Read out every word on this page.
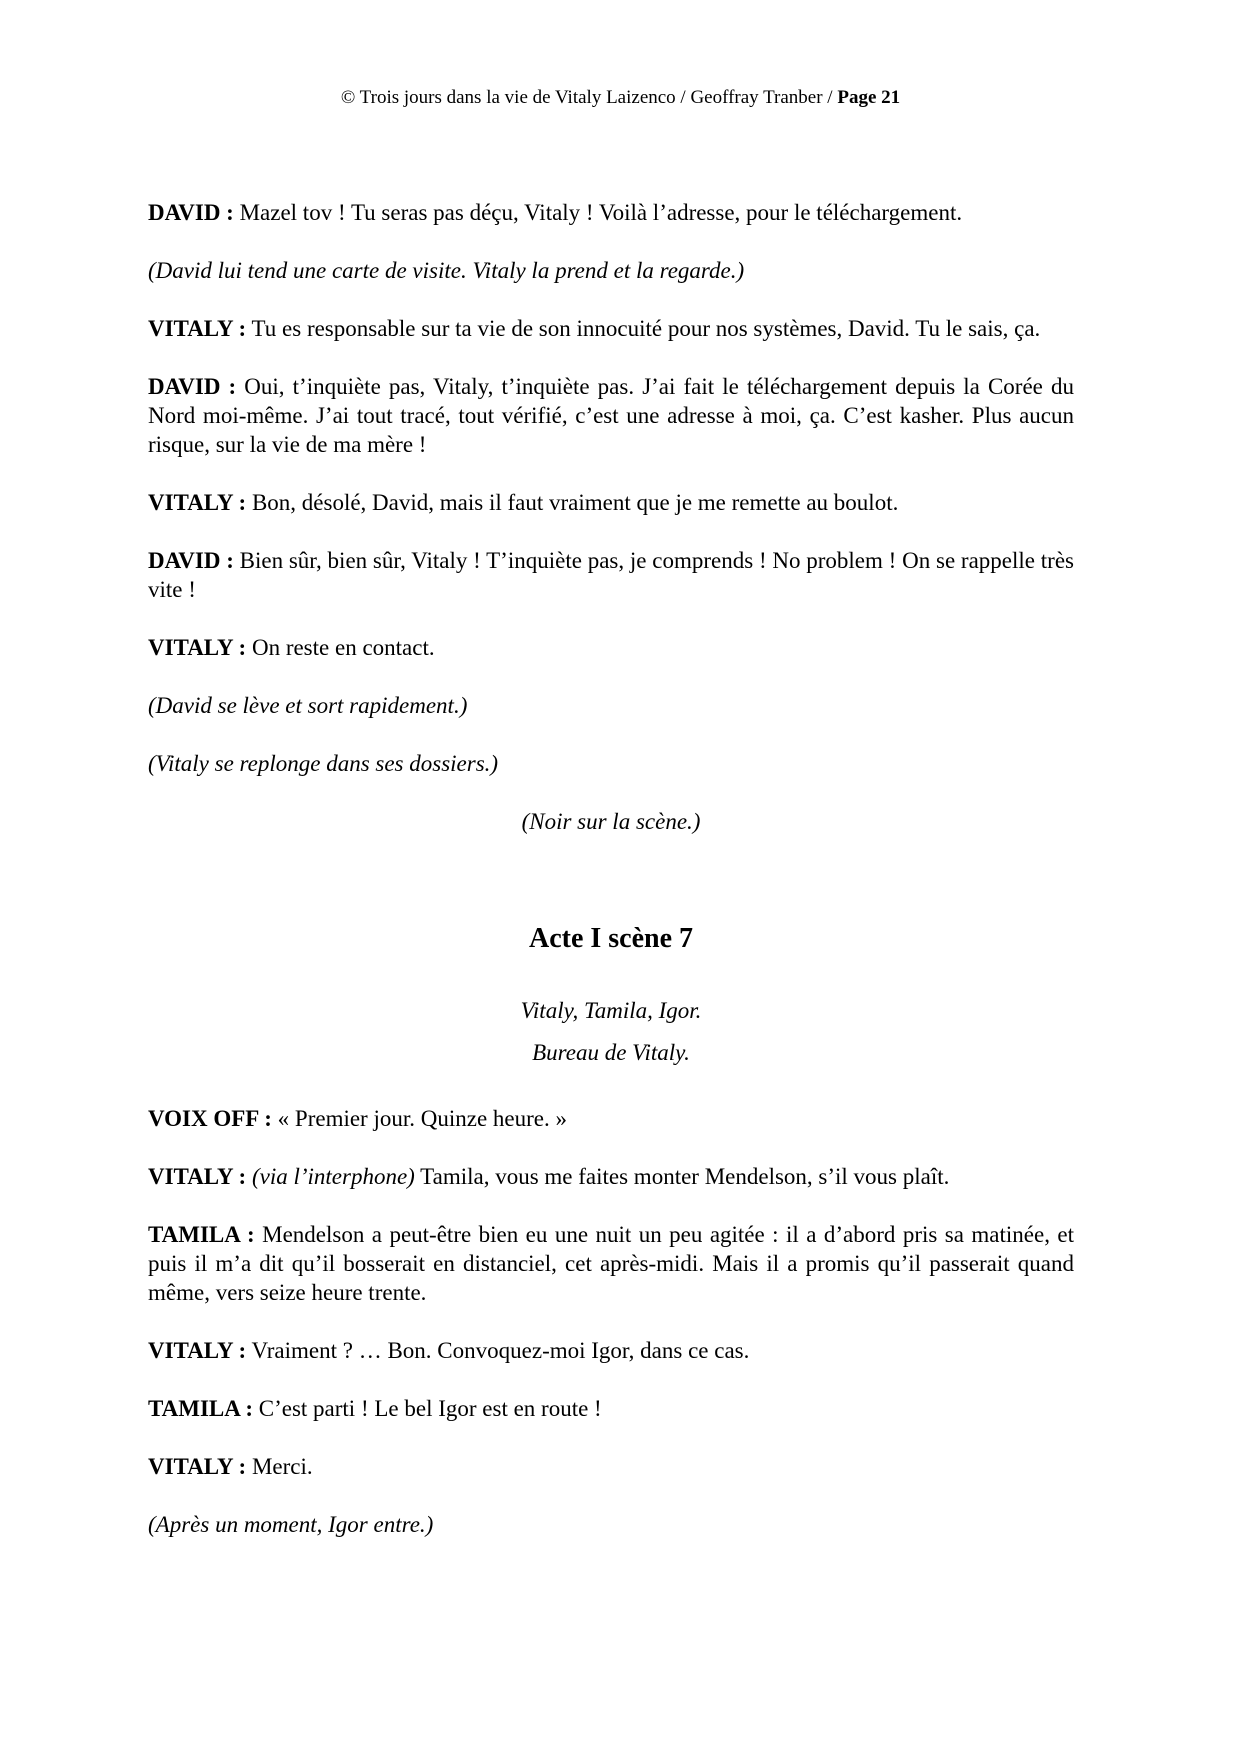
© Trois jours dans la vie de Vitaly Laizenco / Geoffray Tranber / Page 21

DAVID : Mazel tov ! Tu seras pas déçu, Vitaly ! Voilà l’adresse, pour le téléchargement.

(David lui tend une carte de visite. Vitaly la prend et la regarde.)

VITALY : Tu es responsable sur ta vie de son innocuité pour nos systèmes, David. Tu le sais, ça.

DAVID : Oui, t’inquiète pas, Vitaly, t’inquiète pas. J’ai fait le téléchargement depuis la Corée du Nord moi-même. J’ai tout tracé, tout vérifié, c’est une adresse à moi, ça. C’est kasher. Plus aucun risque, sur la vie de ma mère !

VITALY : Bon, désolé, David, mais il faut vraiment que je me remette au boulot.

DAVID : Bien sûr, bien sûr, Vitaly ! T’inquiète pas, je comprends ! No problem ! On se rappelle très vite !

VITALY : On reste en contact.

(David se lève et sort rapidement.)

(Vitaly se replonge dans ses dossiers.)

(Noir sur la scène.)

Acte I scène 7

Vitaly, Tamila, Igor.

Bureau de Vitaly.

VOIX OFF : « Premier jour. Quinze heure. »

VITALY : (via l’interphone) Tamila, vous me faites monter Mendelson, s’il vous plaît.

TAMILA : Mendelson a peut-être bien eu une nuit un peu agitée : il a d’abord pris sa matinée, et puis il m’a dit qu’il bosserait en distanciel, cet après-midi. Mais il a promis qu’il passerait quand même, vers seize heure trente.

VITALY : Vraiment ? … Bon. Convoquez-moi Igor, dans ce cas.

TAMILA : C’est parti ! Le bel Igor est en route !

VITALY : Merci.

(Après un moment, Igor entre.)
